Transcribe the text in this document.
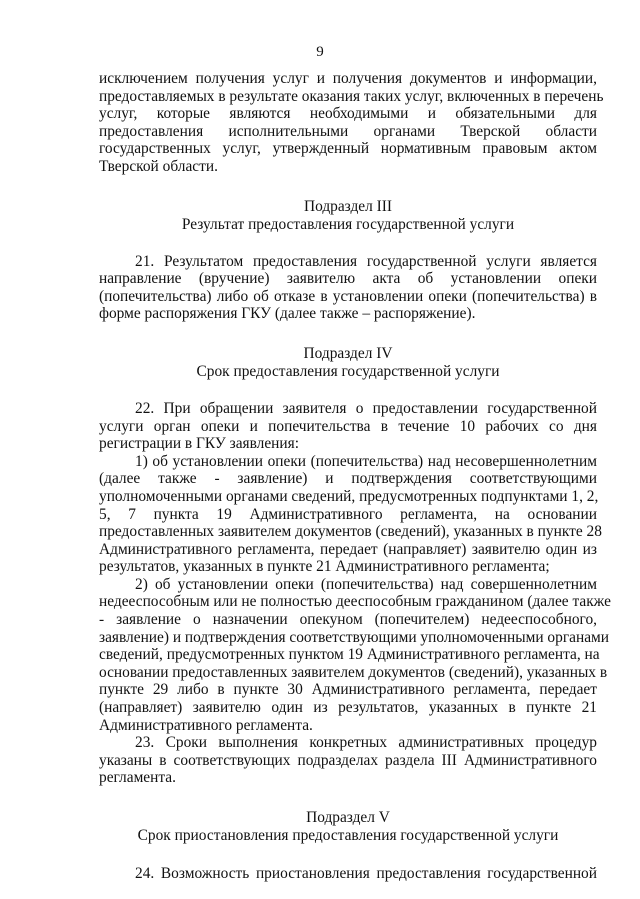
9
исключением получения услуг и получения документов и информации,
предоставляемых в результате оказания таких услуг, включенных в перечень
услуг, которые являются необходимыми и обязательными для
предоставления исполнительными органами Тверской области
государственных услуг, утвержденный нормативным правовым актом
Тверской области.
Подраздел III
Результат предоставления государственной услуги
21. Результатом предоставления государственной услуги является
направление (вручение) заявителю акта об установлении опеки
(попечительства) либо об отказе в установлении опеки (попечительства) в
форме распоряжения ГКУ (далее также – распоряжение).
Подраздел IV
Срок предоставления государственной услуги
22. При обращении заявителя о предоставлении государственной
услуги орган опеки и попечительства в течение 10 рабочих со дня
регистрации в ГКУ заявления:
1) об установлении опеки (попечительства) над несовершеннолетним
(далее также - заявление) и подтверждения соответствующими
уполномоченными органами сведений, предусмотренных подпунктами 1, 2,
5, 7 пункта 19 Административного регламента, на основании
предоставленных заявителем документов (сведений), указанных в пункте 28
Административного регламента, передает (направляет) заявителю один из
результатов, указанных в пункте 21 Административного регламента;
2) об установлении опеки (попечительства) над совершеннолетним
недееспособным или не полностью дееспособным гражданином (далее также
- заявление о назначении опекуном (попечителем) недееспособного,
заявление) и подтверждения соответствующими уполномоченными органами
сведений, предусмотренных пунктом 19 Административного регламента, на
основании предоставленных заявителем документов (сведений), указанных в
пункте 29 либо в пункте 30 Административного регламента, передает
(направляет) заявителю один из результатов, указанных в пункте 21
Административного регламента.
23. Сроки выполнения конкретных административных процедур
указаны в соответствующих подразделах раздела III Административного
регламента.
Подраздел V
Срок приостановления предоставления государственной услуги
24. Возможность приостановления предоставления государственной
